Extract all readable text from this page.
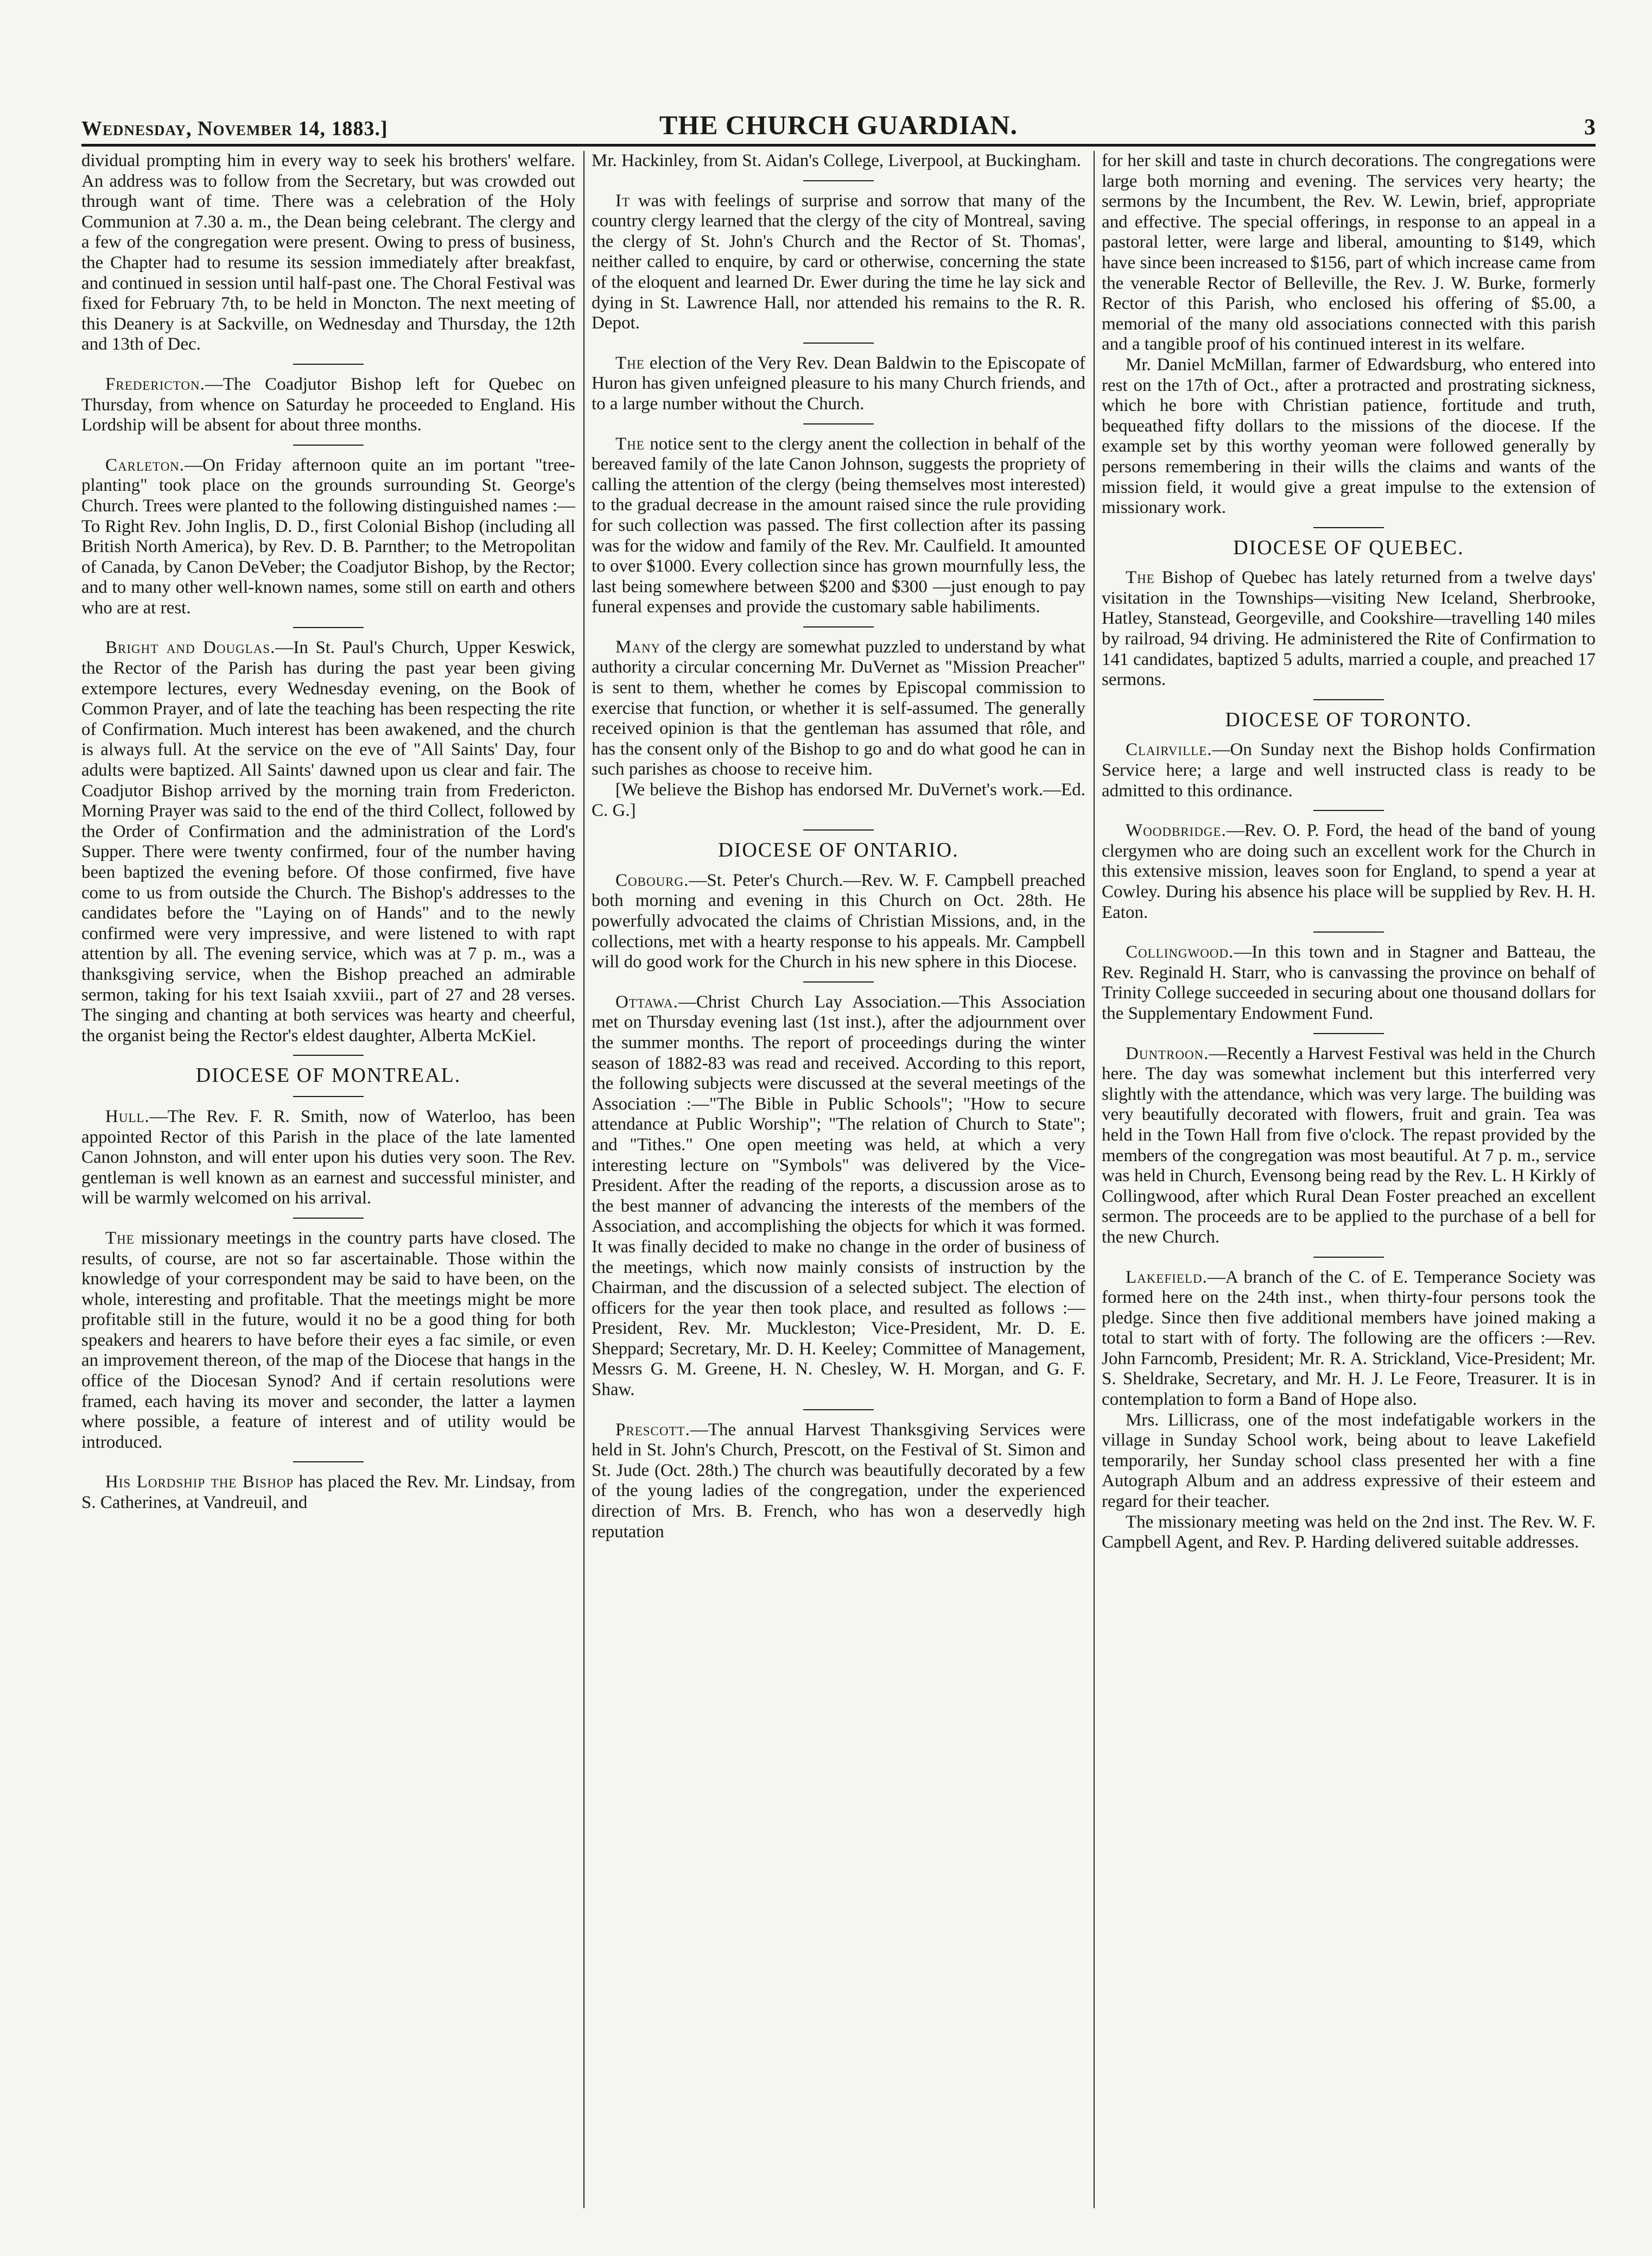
Wednesday, November 14, 1883.]	THE CHURCH GUARDIAN.	3

dividual prompting him in every way to seek his brothers' welfare. An address was to follow from the Secretary, but was crowded out through want of time. There was a celebration of the Holy Communion at 7.30 a. m., the Dean being celebrant. The clergy and a few of the congregation were present. Owing to press of business, the Chapter had to resume its session immediately after breakfast, and continued in session until half-past one. The Choral Festival was fixed for February 7th, to be held in Moncton. The next meeting of this Deanery is at Sackville, on Wednesday and Thursday, the 12th and 13th of Dec.

Fredericton.—The Coadjutor Bishop left for Quebec on Thursday, from whence on Saturday he proceeded to England. His Lordship will be absent for about three months.

Carleton.—On Friday afternoon quite an im portant "tree-planting" took place on the grounds surrounding St. George's Church. Trees were planted to the following distinguished names :—To Right Rev. John Inglis, D. D., first Colonial Bishop (including all British North America), by Rev. D. B. Parnther; to the Metropolitan of Canada, by Canon DeVeber; the Coadjutor Bishop, by the Rector; and to many other well-known names, some still on earth and others who are at rest.

Bright and Douglas.—In St. Paul's Church, Upper Keswick, the Rector of the Parish has during the past year been giving extempore lectures, every Wednesday evening, on the Book of Common Prayer, and of late the teaching has been respecting the rite of Confirmation. Much interest has been awakened, and the church is always full. At the service on the eve of "All Saints' Day, four adults were baptized. All Saints' dawned upon us clear and fair. The Coadjutor Bishop arrived by the morning train from Fredericton. Morning Prayer was said to the end of the third Collect, followed by the Order of Confirmation and the administration of the Lord's Supper. There were twenty confirmed, four of the number having been baptized the evening before. Of those confirmed, five have come to us from outside the Church. The Bishop's addresses to the candidates before the "Laying on of Hands" and to the newly confirmed were very impressive, and were listened to with rapt attention by all. The evening service, which was at 7 p. m., was a thanksgiving service, when the Bishop preached an admirable sermon, taking for his text Isaiah xxviii., part of 27 and 28 verses. The singing and chanting at both services was hearty and cheerful, the organist being the Rector's eldest daughter, Alberta McKiel.

DIOCESE OF MONTREAL.

Hull.—The Rev. F. R. Smith, now of Waterloo, has been appointed Rector of this Parish in the place of the late lamented Canon Johnston, and will enter upon his duties very soon. The Rev. gentleman is well known as an earnest and successful minister, and will be warmly welcomed on his arrival.

The missionary meetings in the country parts have closed. The results, of course, are not so far ascertainable. Those within the knowledge of your correspondent may be said to have been, on the whole, interesting and profitable. That the meetings might be more profitable still in the future, would it no be a good thing for both speakers and hearers to have before their eyes a fac simile, or even an improvement thereon, of the map of the Diocese that hangs in the office of the Diocesan Synod? And if certain resolutions were framed, each having its mover and seconder, the latter a laymen where possible, a feature of interest and of utility would be introduced.

His Lordship the Bishop has placed the Rev. Mr. Lindsay, from S. Catherines, at Vandreuil, and

Mr. Hackinley, from St. Aidan's College, Liverpool, at Buckingham.

It was with feelings of surprise and sorrow that many of the country clergy learned that the clergy of the city of Montreal, saving the clergy of St. John's Church and the Rector of St. Thomas', neither called to enquire, by card or otherwise, concerning the state of the eloquent and learned Dr. Ewer during the time he lay sick and dying in St. Lawrence Hall, nor attended his remains to the R. R. Depot.

The election of the Very Rev. Dean Baldwin to the Episcopate of Huron has given unfeigned pleasure to his many Church friends, and to a large number without the Church.

The notice sent to the clergy anent the collection in behalf of the bereaved family of the late Canon Johnson, suggests the propriety of calling the attention of the clergy (being themselves most interested) to the gradual decrease in the amount raised since the rule providing for such collection was passed. The first collection after its passing was for the widow and family of the Rev. Mr. Caulfield. It amounted to over $1000. Every collection since has grown mournfully less, the last being somewhere between $200 and $300 —just enough to pay funeral expenses and provide the customary sable habiliments.

Many of the clergy are somewhat puzzled to understand by what authority a circular concerning Mr. DuVernet as "Mission Preacher" is sent to them, whether he comes by Episcopal commission to exercise that function, or whether it is self-assumed. The generally received opinion is that the gentleman has assumed that rôle, and has the consent only of the Bishop to go and do what good he can in such parishes as choose to receive him.

[We believe the Bishop has endorsed Mr. DuVernet's work.—Ed. C. G.]

DIOCESE OF ONTARIO.

Cobourg.—St. Peter's Church.—Rev. W. F. Campbell preached both morning and evening in this Church on Oct. 28th. He powerfully advocated the claims of Christian Missions, and, in the collections, met with a hearty response to his appeals. Mr. Campbell will do good work for the Church in his new sphere in this Diocese.

Ottawa.—Christ Church Lay Association.—This Association met on Thursday evening last (1st inst.), after the adjournment over the summer months. The report of proceedings during the winter season of 1882-83 was read and received. According to this report, the following subjects were discussed at the several meetings of the Association :—"The Bible in Public Schools"; "How to secure attendance at Public Worship"; "The relation of Church to State"; and "Tithes." One open meeting was held, at which a very interesting lecture on "Symbols" was delivered by the Vice-President. After the reading of the reports, a discussion arose as to the best manner of advancing the interests of the members of the Association, and accomplishing the objects for which it was formed. It was finally decided to make no change in the order of business of the meetings, which now mainly consists of instruction by the Chairman, and the discussion of a selected subject. The election of officers for the year then took place, and resulted as follows :—President, Rev. Mr. Muckleston; Vice-President, Mr. D. E. Sheppard; Secretary, Mr. D. H. Keeley; Committee of Management, Messrs G. M. Greene, H. N. Chesley, W. H. Morgan, and G. F. Shaw.

Prescott.—The annual Harvest Thanksgiving Services were held in St. John's Church, Prescott, on the Festival of St. Simon and St. Jude (Oct. 28th.) The church was beautifully decorated by a few of the young ladies of the congregation, under the experienced direction of Mrs. B. French, who has won a deservedly high reputation

for her skill and taste in church decorations. The congregations were large both morning and evening. The services very hearty; the sermons by the Incumbent, the Rev. W. Lewin, brief, appropriate and effective. The special offerings, in response to an appeal in a pastoral letter, were large and liberal, amounting to $149, which have since been increased to $156, part of which increase came from the venerable Rector of Belleville, the Rev. J. W. Burke, formerly Rector of this Parish, who enclosed his offering of $5.00, a memorial of the many old associations connected with this parish and a tangible proof of his continued interest in its welfare.

Mr. Daniel McMillan, farmer of Edwardsburg, who entered into rest on the 17th of Oct., after a protracted and prostrating sickness, which he bore with Christian patience, fortitude and truth, bequeathed fifty dollars to the missions of the diocese. If the example set by this worthy yeoman were followed generally by persons remembering in their wills the claims and wants of the mission field, it would give a great impulse to the extension of missionary work.

DIOCESE OF QUEBEC.

The Bishop of Quebec has lately returned from a twelve days' visitation in the Townships—visiting New Iceland, Sherbrooke, Hatley, Stanstead, Georgeville, and Cookshire—travelling 140 miles by railroad, 94 driving. He administered the Rite of Confirmation to 141 candidates, baptized 5 adults, married a couple, and preached 17 sermons.

DIOCESE OF TORONTO.

Clairville.—On Sunday next the Bishop holds Confirmation Service here; a large and well instructed class is ready to be admitted to this ordinance.

Woodbridge.—Rev. O. P. Ford, the head of the band of young clergymen who are doing such an excellent work for the Church in this extensive mission, leaves soon for England, to spend a year at Cowley. During his absence his place will be supplied by Rev. H. H. Eaton.

Collingwood.—In this town and in Stagner and Batteau, the Rev. Reginald H. Starr, who is canvassing the province on behalf of Trinity College succeeded in securing about one thousand dollars for the Supplementary Endowment Fund.

Duntroon.—Recently a Harvest Festival was held in the Church here. The day was somewhat inclement but this interferred very slightly with the attendance, which was very large. The building was very beautifully decorated with flowers, fruit and grain. Tea was held in the Town Hall from five o'clock. The repast provided by the members of the congregation was most beautiful. At 7 p. m., service was held in Church, Evensong being read by the Rev. L. H Kirkly of Collingwood, after which Rural Dean Foster preached an excellent sermon. The proceeds are to be applied to the purchase of a bell for the new Church.

Lakefield.—A branch of the C. of E. Temperance Society was formed here on the 24th inst., when thirty-four persons took the pledge. Since then five additional members have joined making a total to start with of forty. The following are the officers :—Rev. John Farncomb, President; Mr. R. A. Strickland, Vice-President; Mr. S. Sheldrake, Secretary, and Mr. H. J. Le Feore, Treasurer. It is in contemplation to form a Band of Hope also.

Mrs. Lillicrass, one of the most indefatigable workers in the village in Sunday School work, being about to leave Lakefield temporarily, her Sunday school class presented her with a fine Autograph Album and an address expressive of their esteem and regard for their teacher.

The missionary meeting was held on the 2nd inst. The Rev. W. F. Campbell Agent, and Rev. P. Harding delivered suitable addresses.
